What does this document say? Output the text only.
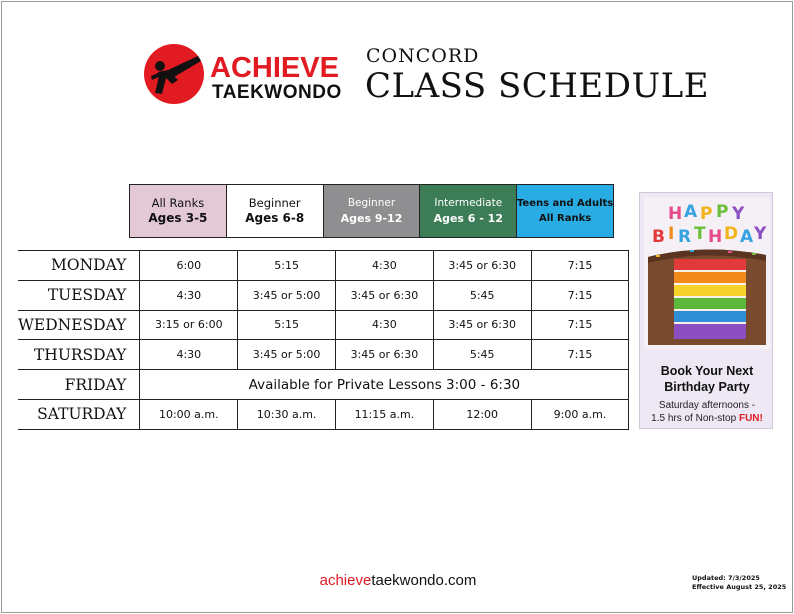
ACHIEVE
TAEKWONDO
CONCORD
CLASS SCHEDULE
All Ranks
Ages 3-5
Beginner
Ages 6-8
Beginner
Ages 9-12
Intermediate
Ages 6 - 12
Teens and Adults
All Ranks
MONDAY	6:00	5:15	4:30	3:45 or 6:30	7:15
TUESDAY	4:30	3:45 or 5:00	3:45 or 6:30	5:45	7:15
WEDNESDAY	3:15 or 6:00	5:15	4:30	3:45 or 6:30	7:15
THURSDAY	4:30	3:45 or 5:00	3:45 or 6:30	5:45	7:15
FRIDAY	Available for Private Lessons 3:00 - 6:30				
SATURDAY	10:00 a.m.	10:30 a.m.	11:15 a.m.	12:00	9:00 a.m.
H A P P Y
B I R T H D A Y
Book Your Next
Birthday Party
Saturday afternoons -
1.5 hrs of Non-stop FUN!
achievetaekwondo.com	Updated: 7/3/2025
Effective August 25, 2025
